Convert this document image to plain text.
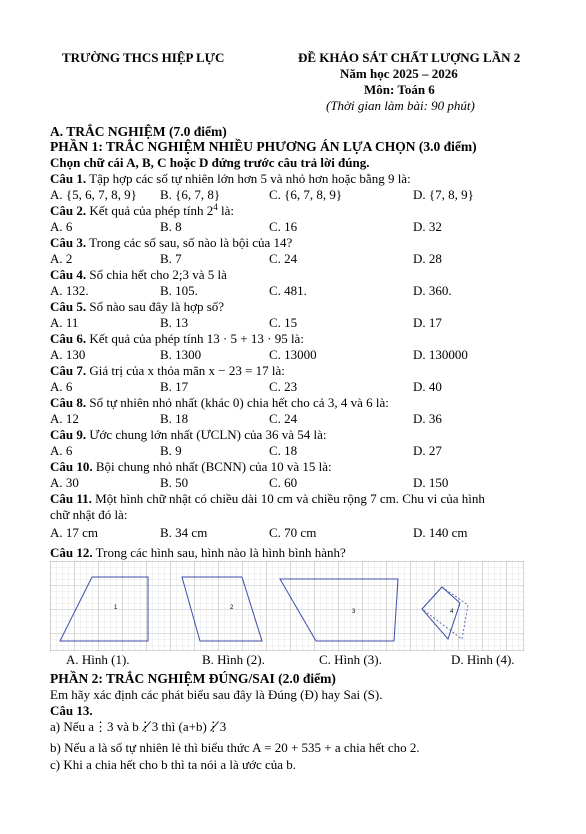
TRƯỜNG THCS HIỆP LỰC	ĐỀ KHẢO SÁT CHẤT LƯỢNG LẦN 2
Năm học 2025 – 2026
Môn: Toán 6
(Thời gian làm bài: 90 phút)
A. TRẮC NGHIỆM (7.0 điểm)
PHẦN 1: TRẮC NGHIỆM NHIỀU PHƯƠNG ÁN LỰA CHỌN (3.0 điểm)
Chọn chữ cái A, B, C hoặc D đứng trước câu trả lời đúng.
Câu 1. Tập hợp các số tự nhiên lớn hơn 5 và nhỏ hơn hoặc bằng 9 là:
A. {5, 6, 7, 8, 9} B. {6, 7, 8}	C. {6, 7, 8, 9}	D. {7, 8, 9}
Câu 2. Kết quả của phép tính $2^4$ là:
A. 6	B. 8	C. 16	D. 32
Câu 3. Trong các số sau, số nào là bội của 14?
A. 2	B. 7	C. 24	D. 28
Câu 4. Số chia hết cho 2;3 và 5 là
A. 132.	B. 105.	C. 481.	D. 360.
Câu 5. Số nào sau đây là hợp số?
A. 11	B. 13	C. 15	D. 17
Câu 6. Kết quả của phép tính 13 · 5 + 13 · 95 là:
A. 130	B. 1300	C. 13000	D. 130000
Câu 7. Giá trị của x thỏa mãn x − 23 = 17 là:
A. 6	B. 17	C. 23	D. 40
Câu 8. Số tự nhiên nhỏ nhất (khác 0) chia hết cho cả 3, 4 và 6 là:
A. 12	B. 18	C. 24	D. 36
Câu 9. Ước chung lớn nhất (ƯCLN) của 36 và 54 là:
A. 6	B. 9	C. 18	D. 27
Câu 10. Bội chung nhỏ nhất (BCNN) của 10 và 15 là:
A. 30	B. 50	C. 60	D. 150
Câu 11. Một hình chữ nhật có chiều dài 10 cm và chiều rộng 7 cm. Chu vi của hình
chữ nhật đó là:
A. 17 cm	B. 34 cm	C. 70 cm	D. 140 cm
Câu 12. Trong các hình sau, hình nào là hình bình hành?
A. Hình (1).	B. Hình (2).	C. Hình (3).	D. Hình (4).
1	2
3	4
PHẦN 2: TRẮC NGHIỆM ĐÚNG/SAI (2.0 điểm)
Em hãy xác định các phát biểu sau đây là Đúng (Đ) hay Sai (S).
Câu 13.
a) Nếu a⋮3 và b⋮̸3 thì (a+b)⋮̸3
b) Nếu a là số tự nhiên lẻ thì biểu thức A = 20 + 535 + a chia hết cho 2.
c) Khi a chia hết cho b thì ta nói a là ước của b.
